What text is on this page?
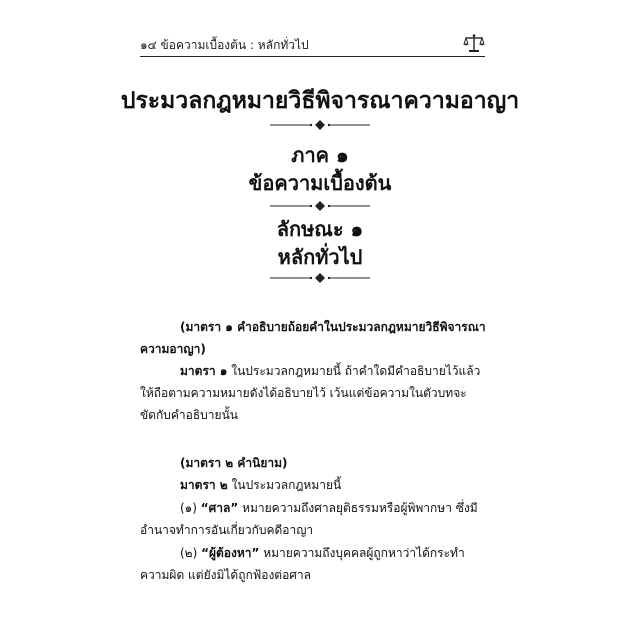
๑๔ ข้อความเบื้องต้น : หลักทั่วไป
ประมวลกฎหมายวิธีพิจารณาความอาญา
ภาค ๑
ข้อความเบื้องต้น
ลักษณะ ๑
หลักทั่วไป
(มาตรา ๑ คำอธิบายถ้อยคำในประมวลกฎหมายวิธีพิจารณา
ความอาญา)
มาตรา ๑ ในประมวลกฎหมายนี้ ถ้าคำใดมีคำอธิบายไว้แล้ว
ให้ถือตามความหมายดังได้อธิบายไว้ เว้นแต่ข้อความในตัวบทจะ
ขัดกับคำอธิบายนั้น
(มาตรา ๒ คำนิยาม)
มาตรา ๒ ในประมวลกฎหมายนี้
(๑) “ศาล” หมายความถึงศาลยุติธรรมหรือผู้พิพากษา ซึ่งมี
อำนาจทำการอันเกี่ยวกับคดีอาญา
(๒) “ผู้ต้องหา” หมายความถึงบุคคลผู้ถูกหาว่าได้กระทำ
ความผิด แต่ยังมิได้ถูกฟ้องต่อศาล
